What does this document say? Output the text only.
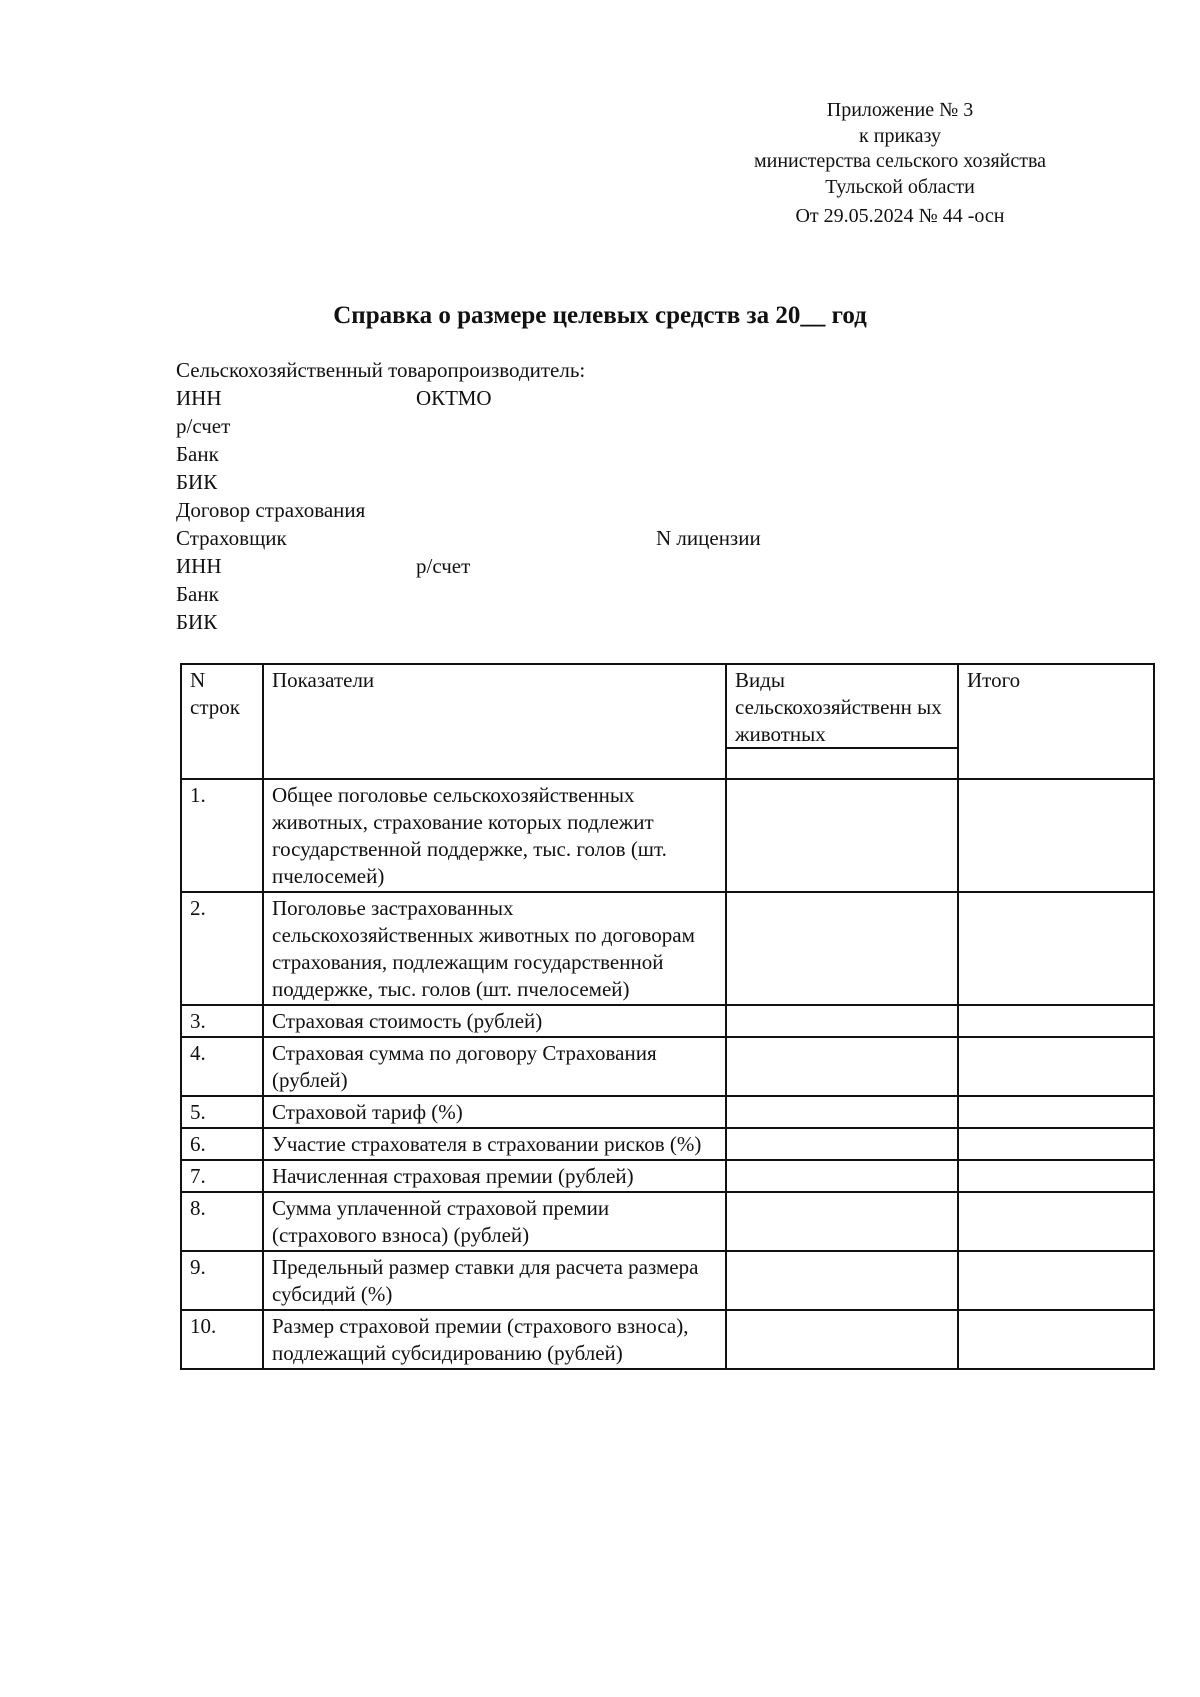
Приложение № 3
к приказу
министерства сельского хозяйства
Тульской области
От 29.05.2024 № 44 -осн
Справка о размере целевых средств за 20__ год
Сельскохозяйственный товаропроизводитель:
ИНН	ОКТМО
р/счет
Банк
БИК
Договор страхования
Страховщик	N лицензии
ИНН	р/счет
Банк
БИК
N строк	Показатели	Виды сельскохозяйственн ых животных	Итого
1.	Общее поголовье сельскохозяйственных животных, страхование которых подлежит государственной поддержке, тыс. голов (шт. пчелосемей)		
2.	Поголовье застрахованных сельскохозяйственных животных по договорам страхования, подлежащим государственной поддержке, тыс. голов (шт. пчелосемей)		
3.	Страховая стоимость (рублей)		
4.	Страховая сумма по договору Страхования (рублей)		
5.	Страховой тариф (%)		
6.	Участие страхователя в страховании рисков (%)		
7.	Начисленная страховая премии (рублей)		
8.	Сумма уплаченной страховой премии (страхового взноса) (рублей)		
9.	Предельный размер ставки для расчета размера субсидий (%)		
10.	Размер страховой премии (страхового взноса), подлежащий субсидированию (рублей)		
